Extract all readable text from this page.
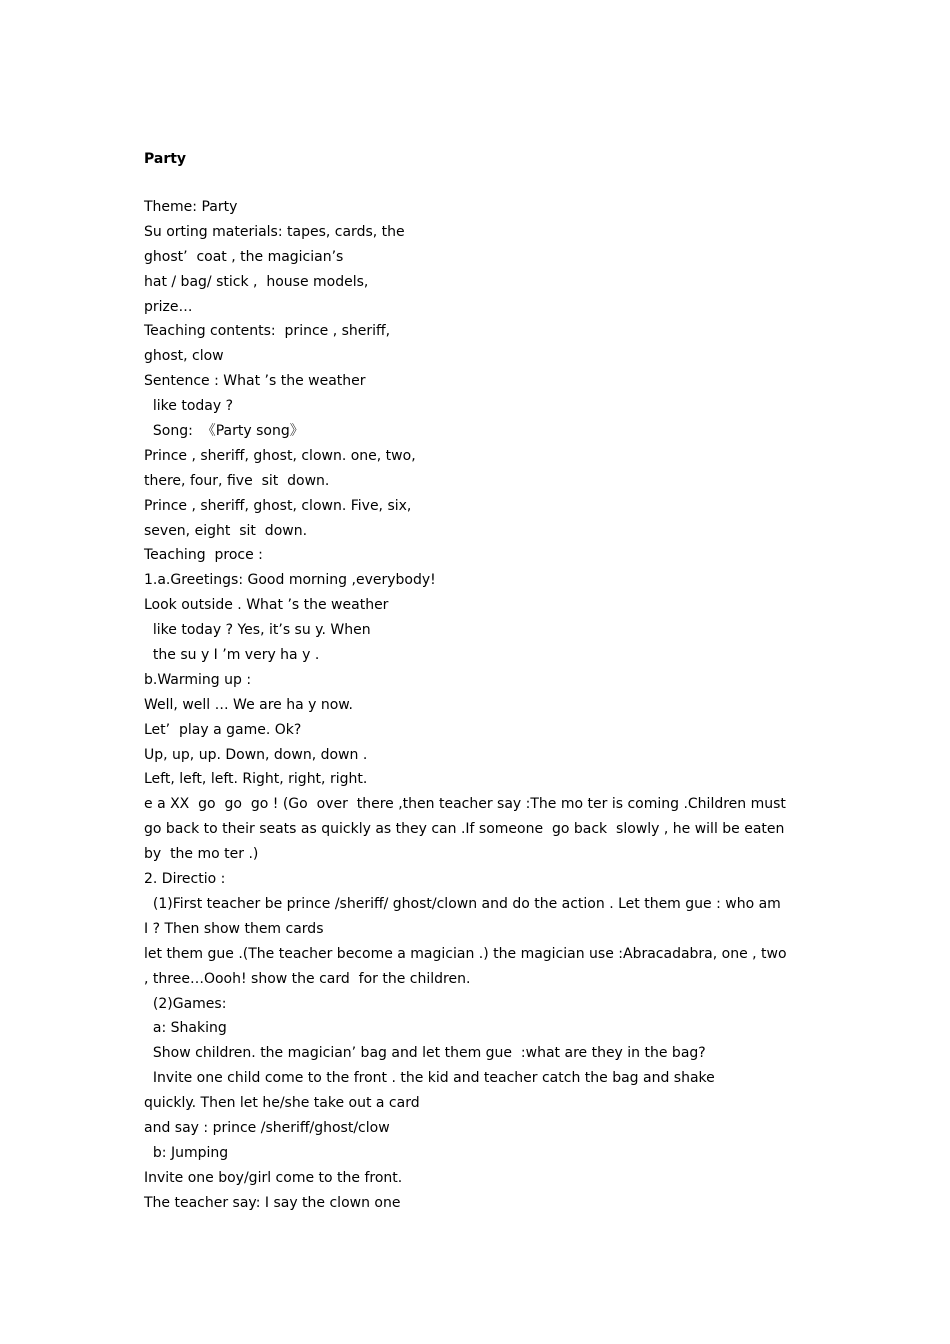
Party

Theme: Party

Su orting materials: tapes, cards, the

ghost’  coat , the magician’s

hat / bag/ stick ,  house models,

prize…

Teaching contents:  prince , sheriff,

ghost, clow

Sentence : What ’s the weather

like today ?

Song:  《Party song》

Prince , sheriff, ghost, clown. one, two,

there, four, five  sit  down.

Prince , sheriff, ghost, clown. Five, six,

seven, eight  sit  down.

Teaching  proce :

1.a.Greetings: Good morning ,everybody!

Look outside . What ’s the weather

like today ? Yes, it’s su y. When

the su y I ’m very ha y .

b.Warming up :

Well, well … We are ha y now.

Let’  play a game. Ok?

Up, up, up. Down, down, down .

Left, left, left. Right, right, right.

e a XX  go  go  go ! (Go  over  there ,then teacher say :The mo ter is coming .Children must

go back to their seats as quickly as they can .If someone  go back  slowly , he will be eaten

by  the mo ter .)

2. Directio :

(1)First teacher be prince /sheriff/ ghost/clown and do the action . Let them gue : who am

I ? Then show them cards

let them gue .(The teacher become a magician .) the magician use :Abracadabra, one , two

, three…Oooh! show the card  for the children.

(2)Games:

a: Shaking

Show children. the magician’ bag and let them gue  :what are they in the bag?

Invite one child come to the front . the kid and teacher catch the bag and shake

quickly. Then let he/she take out a card

and say : prince /sheriff/ghost/clow

b: Jumping

Invite one boy/girl come to the front.

The teacher say: I say the clown one
